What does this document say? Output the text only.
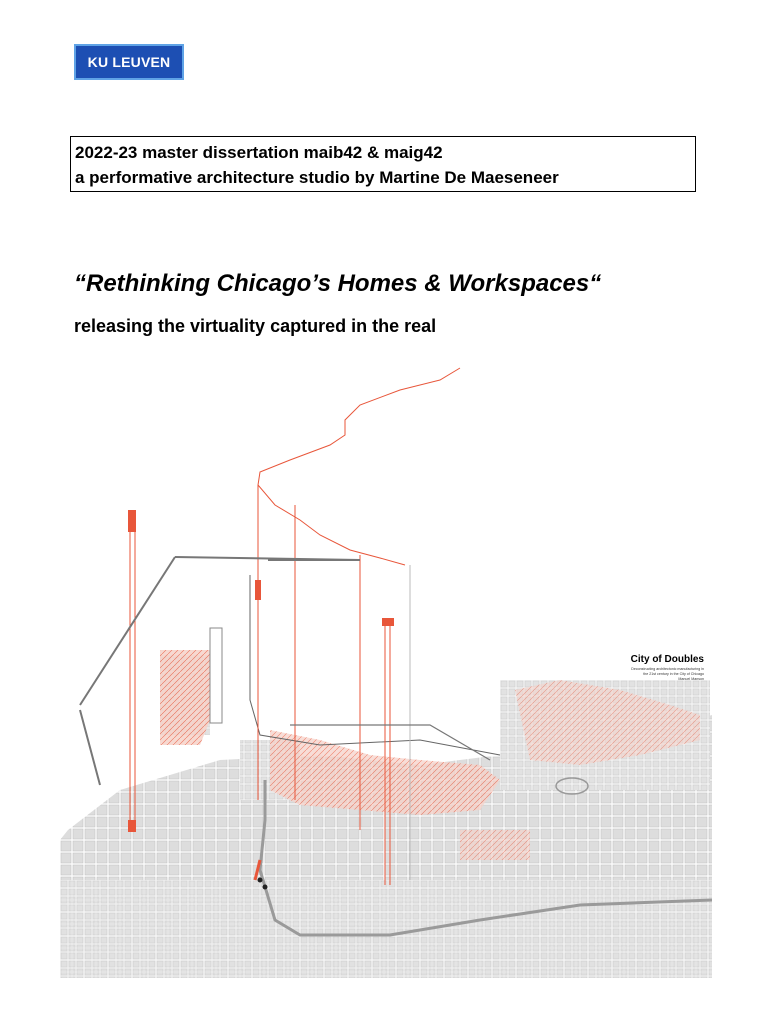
KU LEUVEN
2022-23 master dissertation maib42 & maig42
a performative architecture studio by Martine De Maeseneer
“Rethinking Chicago’s Homes & Workspaces“
releasing the virtuality captured in the real
City of Doubles
Deconstructing architectonic manufacturing in
the 21st century in the City of Chicago
Manuel Manson
